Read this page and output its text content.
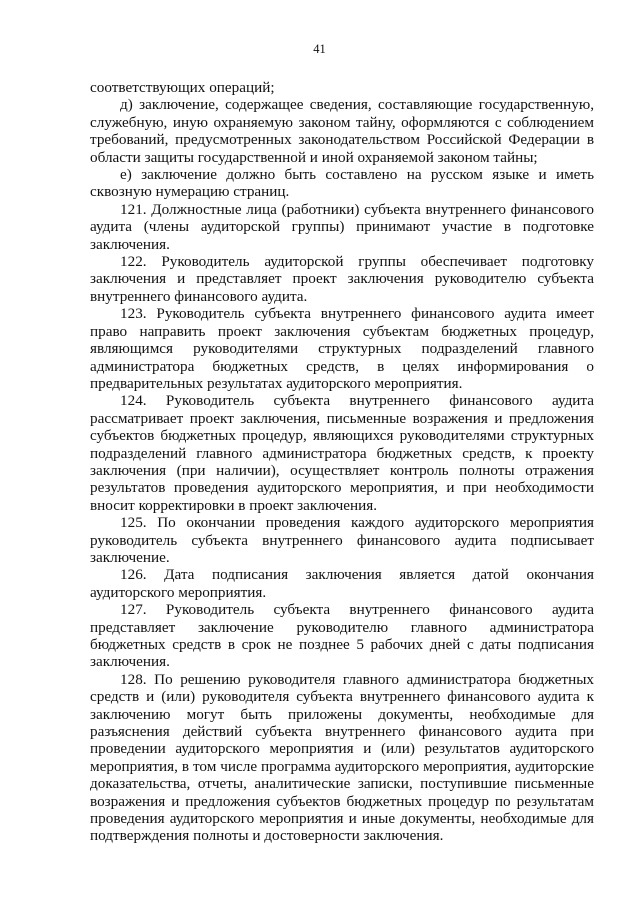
41

соответствующих операций;

д) заключение, содержащее сведения, составляющие государственную, служебную, иную охраняемую законом тайну, оформляются с соблюдением требований, предусмотренных законодательством Российской Федерации в области защиты государственной и иной охраняемой законом тайны;

е) заключение должно быть составлено на русском языке и иметь сквозную нумерацию страниц.

121. Должностные лица (работники) субъекта внутреннего финансового аудита (члены аудиторской группы) принимают участие в подготовке заключения.

122. Руководитель аудиторской группы обеспечивает подготовку заключения и представляет проект заключения руководителю субъекта внутреннего финансового аудита.

123. Руководитель субъекта внутреннего финансового аудита имеет право направить проект заключения субъектам бюджетных процедур, являющимся руководителями структурных подразделений главного администратора бюджетных средств, в целях информирования о предварительных результатах аудиторского мероприятия.

124. Руководитель субъекта внутреннего финансового аудита рассматривает проект заключения, письменные возражения и предложения субъектов бюджетных процедур, являющихся руководителями структурных подразделений главного администратора бюджетных средств, к проекту заключения (при наличии), осуществляет контроль полноты отражения результатов проведения аудиторского мероприятия, и при необходимости вносит корректировки в проект заключения.

125. По окончании проведения каждого аудиторского мероприятия руководитель субъекта внутреннего финансового аудита подписывает заключение.

126. Дата подписания заключения является датой окончания аудиторского мероприятия.

127. Руководитель субъекта внутреннего финансового аудита представляет заключение руководителю главного администратора бюджетных средств в срок не позднее 5 рабочих дней с даты подписания заключения.

128. По решению руководителя главного администратора бюджетных средств и (или) руководителя субъекта внутреннего финансового аудита к заключению могут быть приложены документы, необходимые для разъяснения действий субъекта внутреннего финансового аудита при проведении аудиторского мероприятия и (или) результатов аудиторского мероприятия, в том числе программа аудиторского мероприятия, аудиторские доказательства, отчеты, аналитические записки, поступившие письменные возражения и предложения субъектов бюджетных процедур по результатам проведения аудиторского мероприятия и иные документы, необходимые для подтверждения полноты и достоверности заключения.
